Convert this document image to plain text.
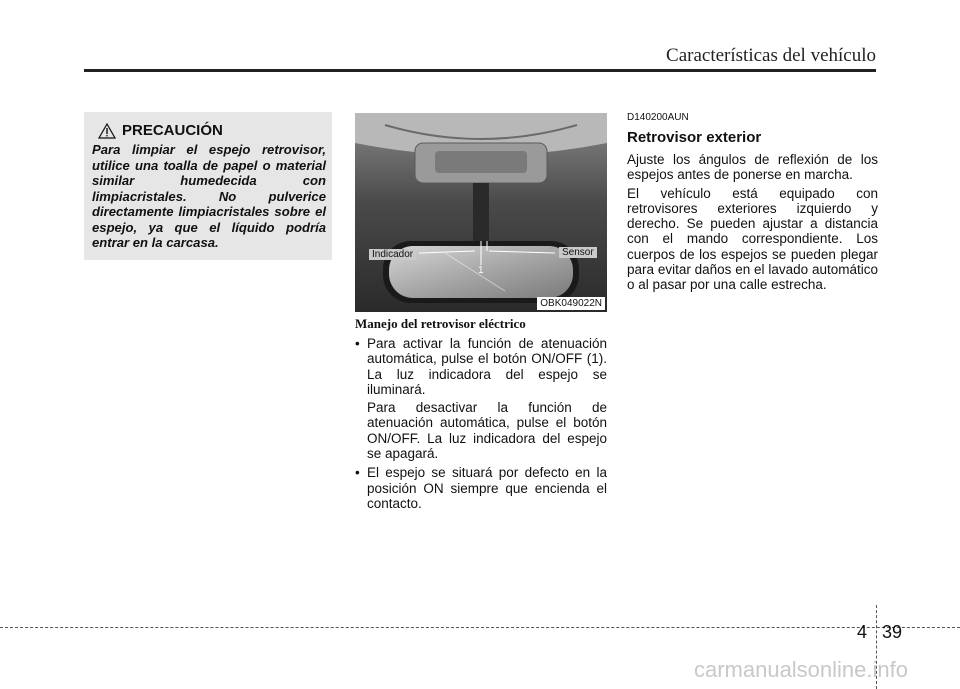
Características del vehículo
PRECAUCIÓN
Para limpiar el espejo retrovisor, utilice una toalla de papel o material similar humedecida con limpiacristales. No pulverice directamente limpiacristales sobre el espejo, ya que el líquido podría entrar en la carcasa.
Indicador	Sensor
1
OBK049022N
Manejo del retrovisor eléctrico
• Para activar la función de atenuación automática, pulse el botón ON/OFF (1). La luz indicadora del espejo se iluminará.
Para desactivar la función de atenuación automática, pulse el botón ON/OFF. La luz indicadora del espejo se apagará.
• El espejo se situará por defecto en la posición ON siempre que encienda el contacto.
D140200AUN
Retrovisor exterior
Ajuste los ángulos de reflexión de los espejos antes de ponerse en marcha.
El vehículo está equipado con retrovisores exteriores izquierdo y derecho. Se pueden ajustar a distancia con el mando correspondiente. Los cuerpos de los espejos se pueden plegar para evitar daños en el lavado automático o al pasar por una calle estrecha.
4 39
carmanualsonline.info
